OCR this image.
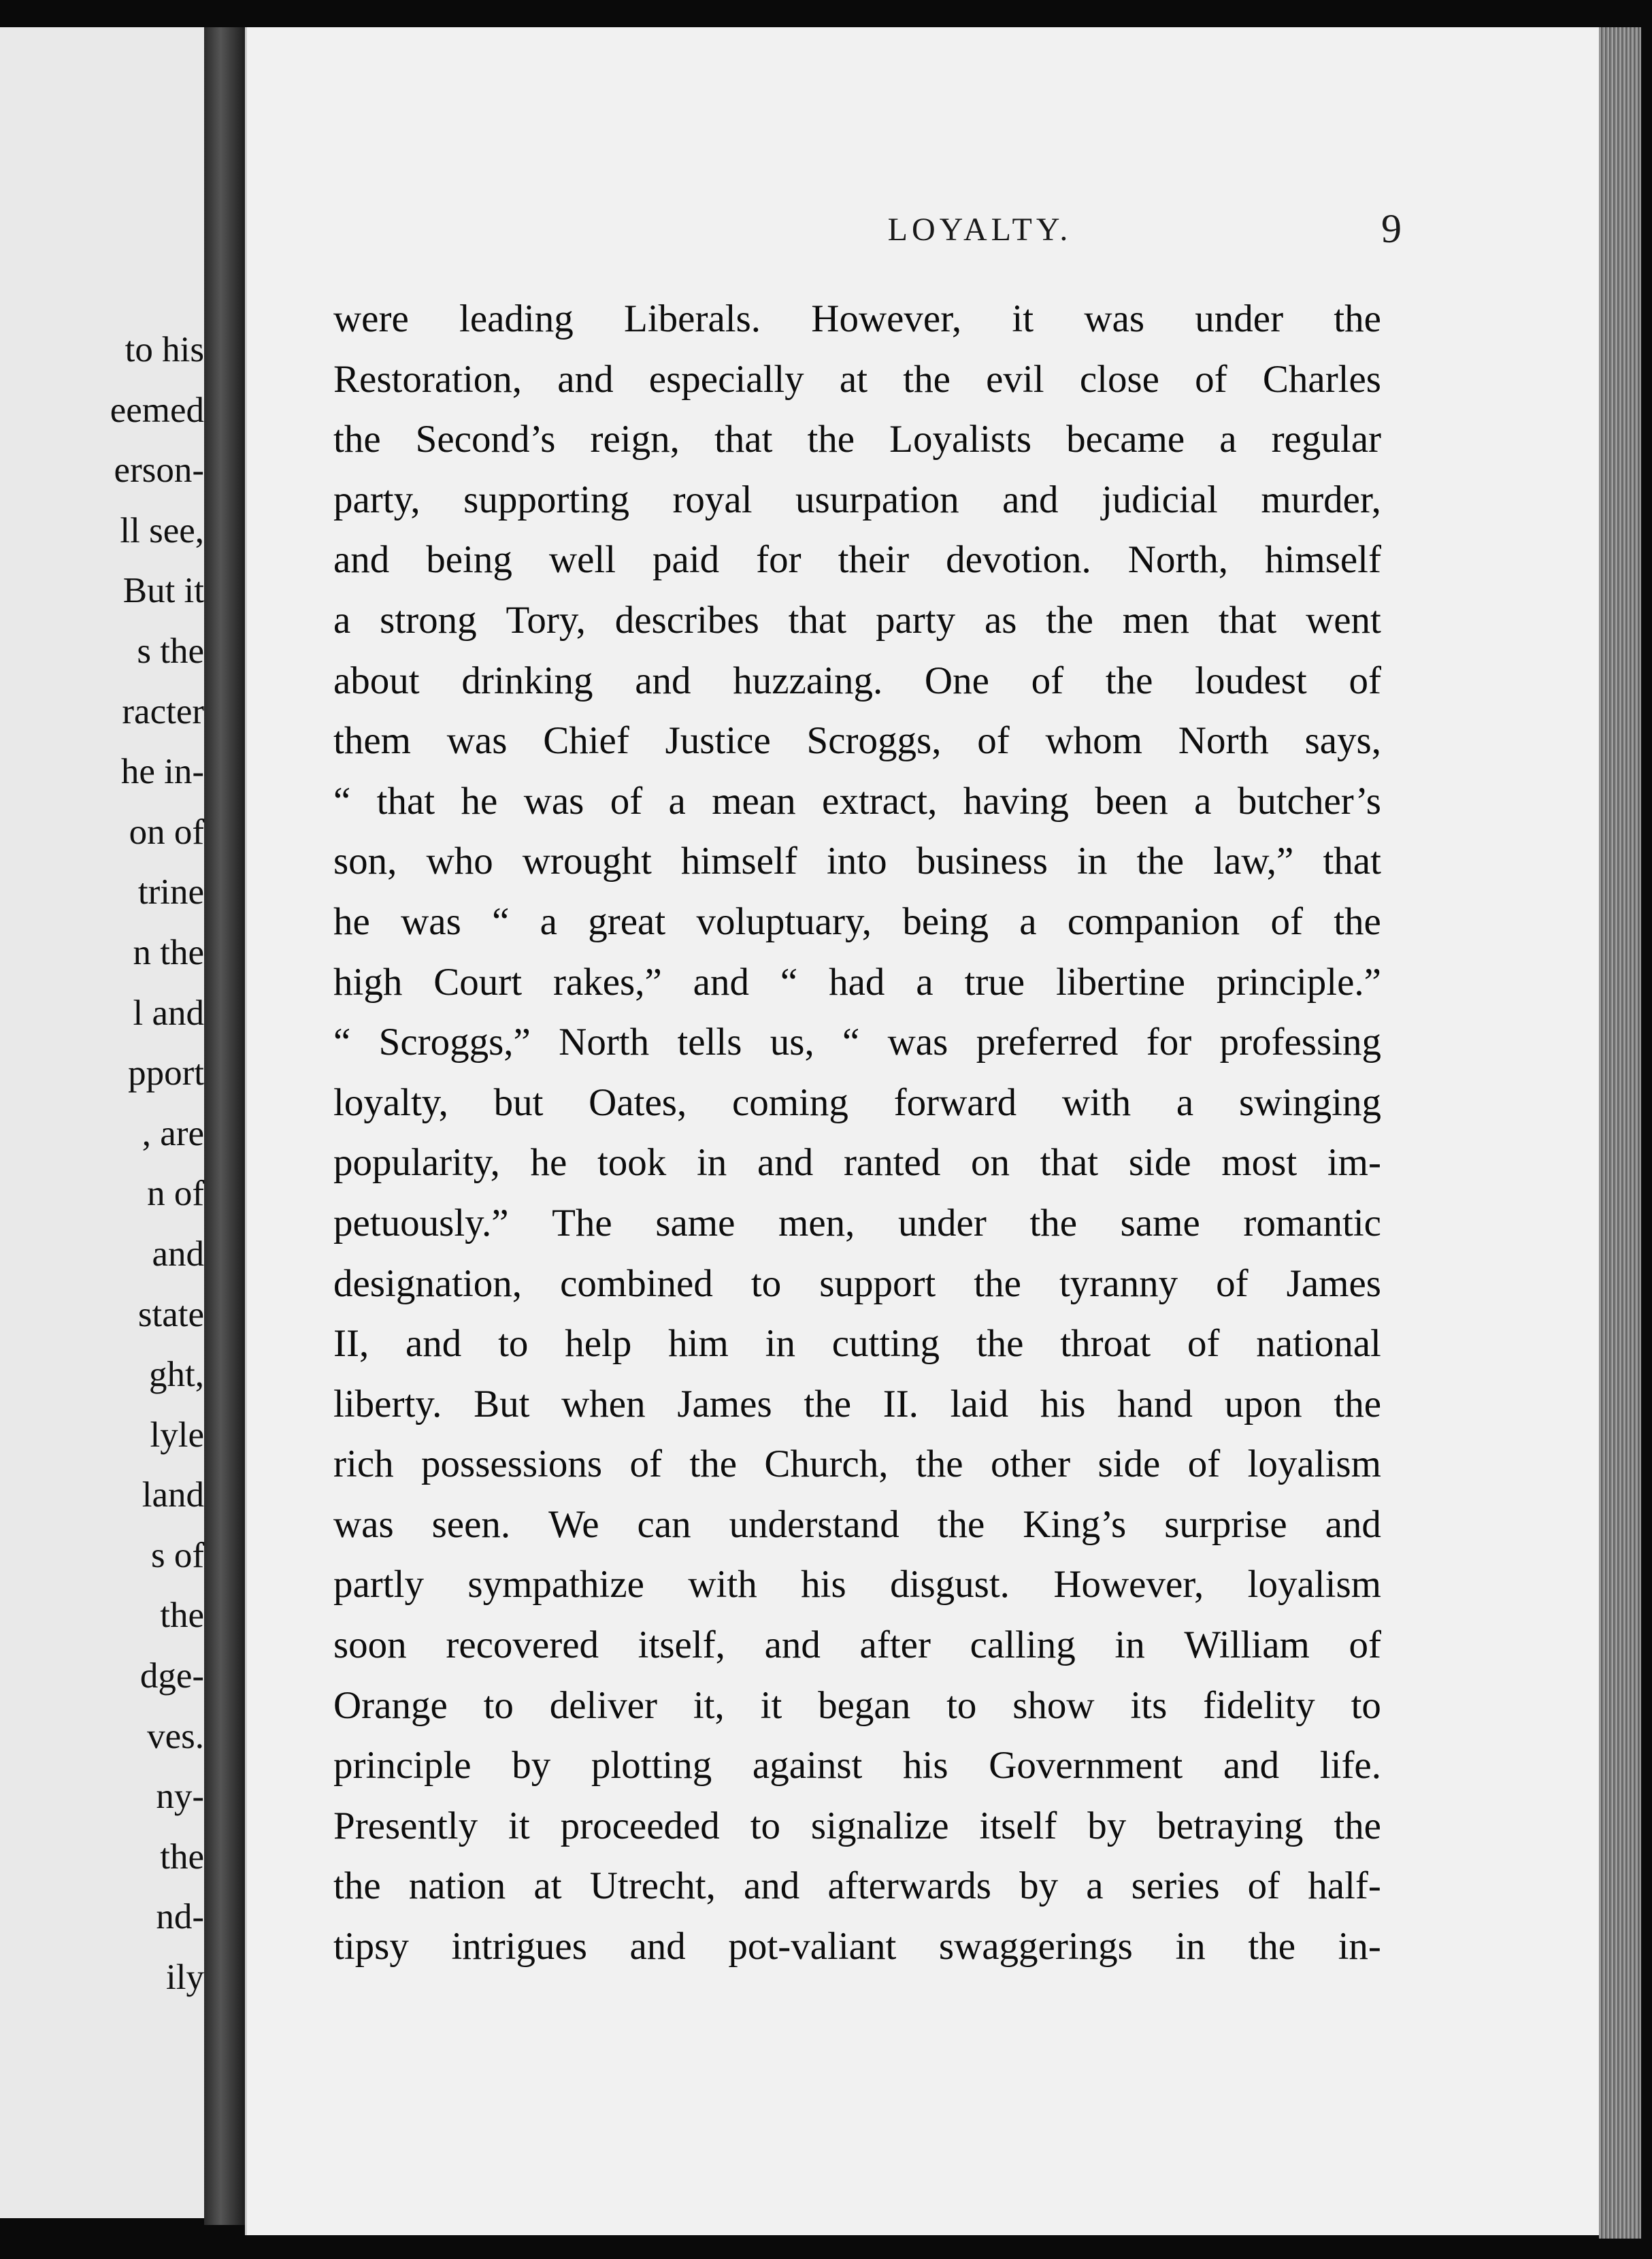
to his
eemed
erson-
ll see,
But it
s the
racter
he in-
on of
trine
n the
l and
pport
, are
n of
and
state
ght,
lyle
land
s of
the
dge-
ves.
ny-
the
nd-
ily
LOYALTY.	9
were leading Liberals. However, it was under the
Restoration, and especially at the evil close of Charles
the Second’s reign, that the Loyalists became a regular
party, supporting royal usurpation and judicial murder,
and being well paid for their devotion. North, himself
a strong Tory, describes that party as the men that went
about drinking and huzzaing. One of the loudest of
them was Chief Justice Scroggs, of whom North says,
“ that he was of a mean extract, having been a butcher’s
son, who wrought himself into business in the law,” that
he was “ a great voluptuary, being a companion of the
high Court rakes,” and “ had a true libertine principle.”
“ Scroggs,” North tells us, “ was preferred for professing
loyalty, but Oates, coming forward with a swinging
popularity, he took in and ranted on that side most im-
petuously.” The same men, under the same romantic
designation, combined to support the tyranny of James
II, and to help him in cutting the throat of national
liberty. But when James the II. laid his hand upon the
rich possessions of the Church, the other side of loyalism
was seen. We can understand the King’s surprise and
partly sympathize with his disgust. However, loyalism
soon recovered itself, and after calling in William of
Orange to deliver it, it began to show its fidelity to
principle by plotting against his Government and life.
Presently it proceeded to signalize itself by betraying the
the nation at Utrecht, and afterwards by a series of half-
tipsy intrigues and pot-valiant swaggerings in the in-
